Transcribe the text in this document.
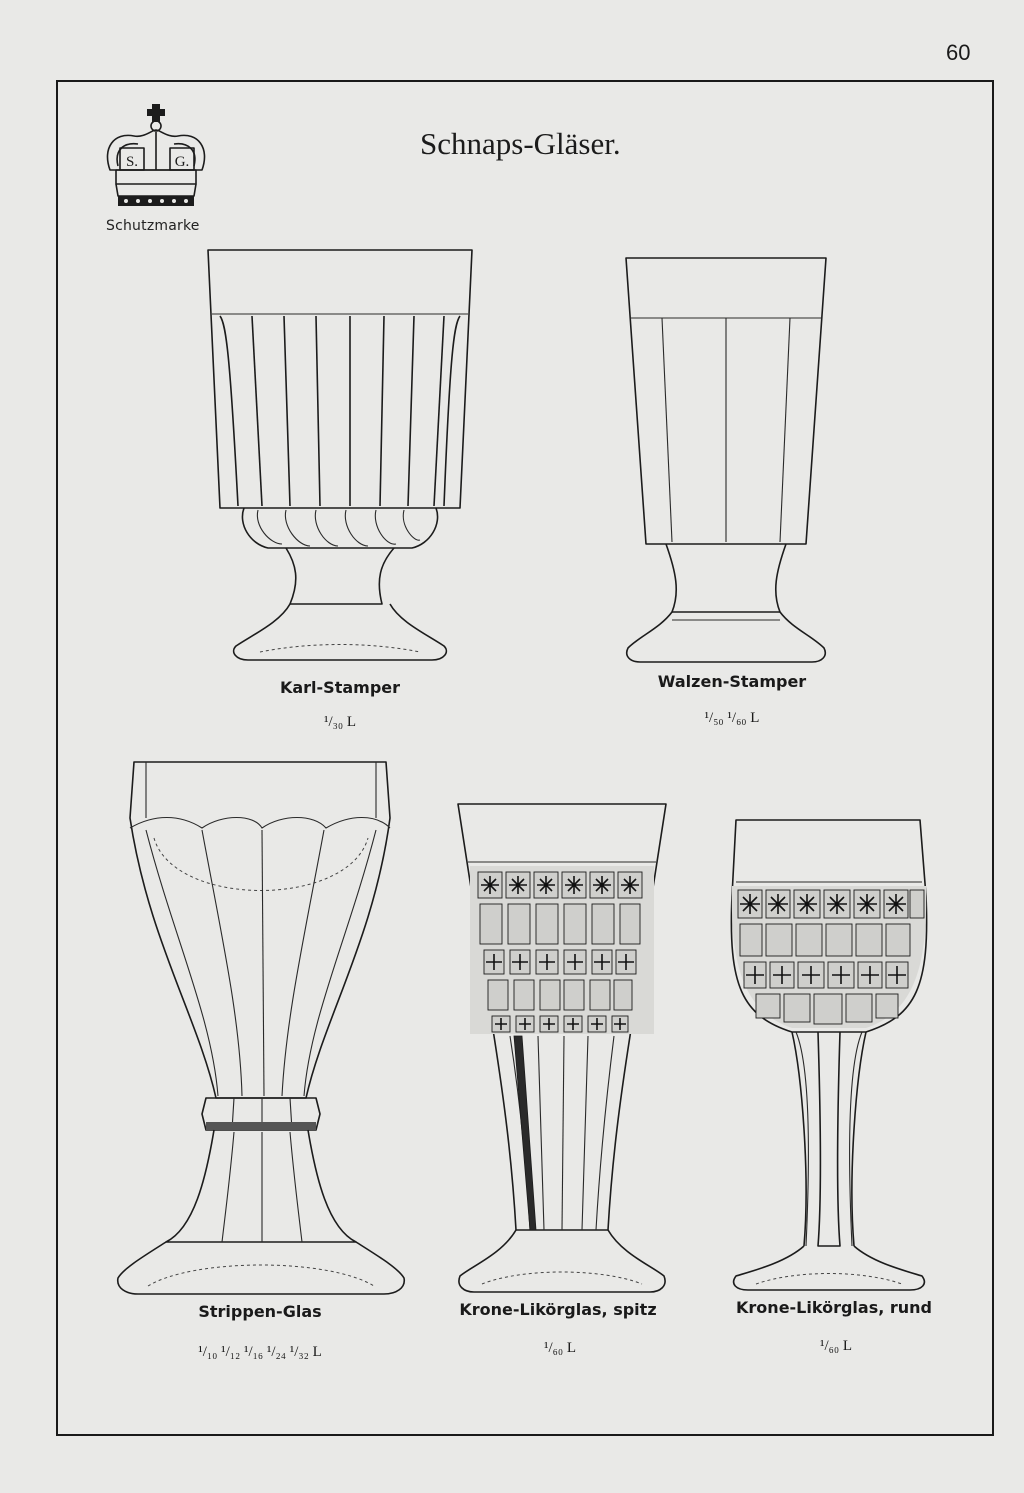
60
S. G.
Schutzmarke
Schnaps-Gläser.
Karl-Stamper
¹/₃₀ L
Walzen-Stamper
¹/₅₀ ¹/₆₀ L
Strippen-Glas
¹/₁₀ ¹/₁₂ ¹/₁₆ ¹/₂₄ ¹/₃₂ L
Krone-Likörglas, spitz
¹/₆₀ L
Krone-Likörglas, rund
¹/₆₀ L
